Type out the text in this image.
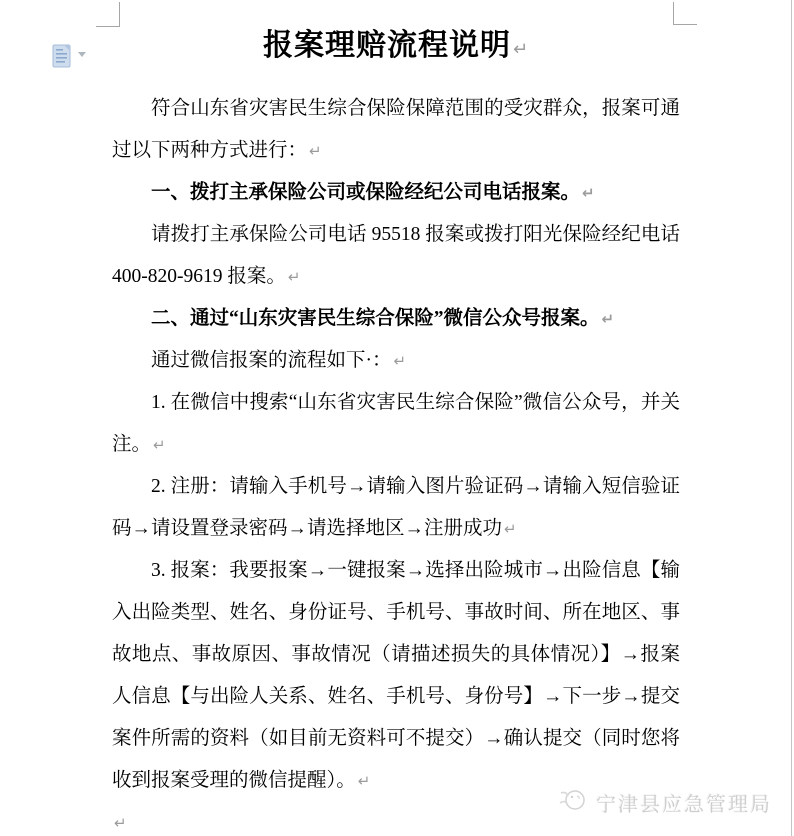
报案理赔流程说明 ↵

符合山东省灾害民生综合保险保障范围的受灾群众，报案可通过以下两种方式进行： ↵

一、拨打主承保险公司或保险经纪公司电话报案。 ↵

请拨打主承保险公司电话 95518 报案或拨打阳光保险经纪电话 400-820-9619 报案。 ↵

二、通过“山东灾害民生综合保险”微信公众号报案。 ↵

通过微信报案的流程如下·： ↵

1. 在微信中搜索“山东省灾害民生综合保险”微信公众号，并关注。 ↵

2. 注册：请输入手机号→请输入图片验证码→请输入短信验证码→请设置登录密码→请选择地区→注册成功 ↵

3. 报案：我要报案→一键报案→选择出险城市→出险信息【输入出险类型、姓名、身份证号、手机号、事故时间、所在地区、事故地点、事故原因、事故情况（请描述损失的具体情况）】→报案人信息【与出险人关系、姓名、手机号、身份号】→下一步→提交案件所需的资料（如目前无资料可不提交）→确认提交（同时您将收到报案受理的微信提醒）。 ↵

↵

宁津县应急管理局
